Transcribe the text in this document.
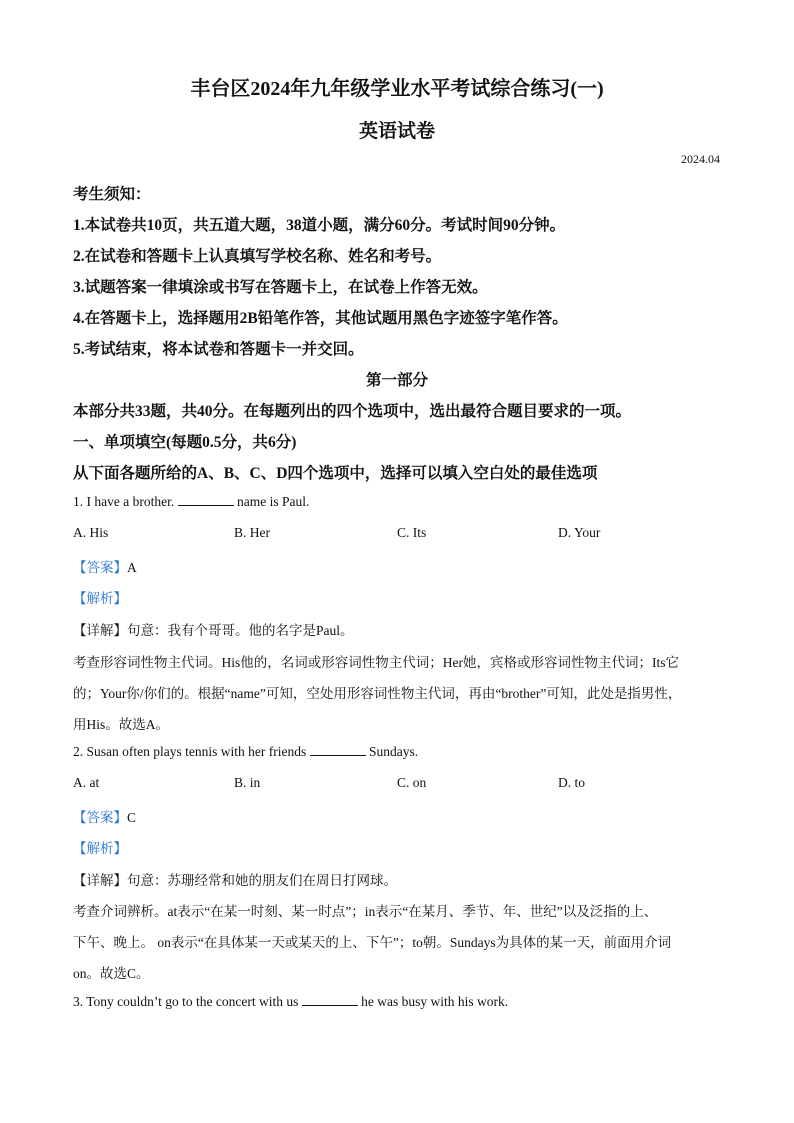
丰台区2024年九年级学业水平考试综合练习(一)
英语试卷
2024.04
考生须知：
1.本试卷共10页，共五道大题，38道小题，满分60分。考试时间90分钟。
2.在试卷和答题卡上认真填写学校名称、姓名和考号。
3.试题答案一律填涂或书写在答题卡上，在试卷上作答无效。
4.在答题卡上，选择题用2B铅笔作答，其他试题用黑色字迹签字笔作答。
5.考试结束，将本试卷和答题卡一并交回。
第一部分
本部分共33题，共40分。在每题列出的四个选项中，选出最符合题目要求的一项。
一、单项填空(每题0.5分，共6分)
从下面各题所给的A、B、C、D四个选项中，选择可以填入空白处的最佳选项
1. I have a brother.	name is Paul.
A. His	B. Her	C. Its	D. Your
【答案】A
【解析】
【详解】句意：我有个哥哥。他的名字是Paul。
考查形容词性物主代词。His他的，名词或形容词性物主代词；Her她，宾格或形容词性物主代词；Its它
的；Your你/你们的。根据“name”可知，空处用形容词性物主代词，再由“brother”可知，此处是指男性，
用His。故选A。
2. Susan often plays tennis with her friends	Sundays.
A. at	B. in	C. on	D. to
【答案】C
【解析】
【详解】句意：苏珊经常和她的朋友们在周日打网球。
考查介词辨析。at表示“在某一时刻、某一时点”；in表示“在某月、季节、年、世纪”以及泛指的上、
下午、晚上。 on表示“在具体某一天或某天的上、下午”；to朝。Sundays为具体的某一天，前面用介词
on。故选C。
3. Tony couldn’t go to the concert with us	he was busy with his work.
